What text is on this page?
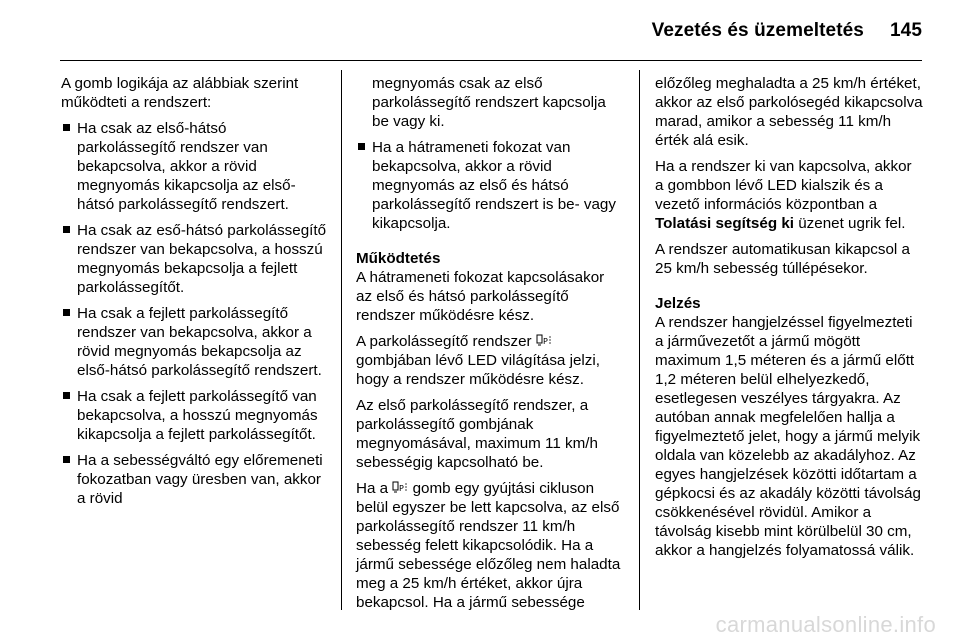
Vezetés és üzemeltetés 145

A gomb logikája az alábbiak szerint működteti a rendszert:

Ha csak az első-hátsó parkolássegítő rendszer van bekapcsolva, akkor a rövid megnyomás kikapcsolja az első-hátsó parkolássegítő rendszert.
Ha csak az eső-hátsó parkolássegítő rendszer van bekapcsolva, a hosszú megnyomás bekapcsolja a fejlett parkolássegítőt.
Ha csak a fejlett parkolássegítő rendszer van bekapcsolva, akkor a rövid megnyomás bekapcsolja az első-hátsó parkolássegítő rendszert.
Ha csak a fejlett parkolássegítő van bekapcsolva, a hosszú megnyomás kikapcsolja a fejlett parkolássegítőt.
Ha a sebességváltó egy előremeneti fokozatban vagy üresben van, akkor a rövid

megnyomás csak az első parkolássegítő rendszert kapcsolja be vagy ki.

Ha a hátrameneti fokozat van bekapcsolva, akkor a rövid megnyomás az első és hátsó parkolássegítő rendszert is be- vagy kikapcsolja.

Működtetés

A hátrameneti fokozat kapcsolásakor az első és hátsó parkolássegítő rendszer működésre kész.

A parkolássegítő rendszer P
gombjában lévő LED világítása jelzi, hogy a rendszer működésre kész.

Az első parkolássegítő rendszer, a parkolássegítő gombjának megnyomásával, maximum 11 km/h sebességig kapcsolható be.

Ha a P gomb egy gyújtási cikluson belül egyszer be lett kapcsolva, az első parkolássegítő rendszer 11 km/h sebesség felett kikapcsolódik. Ha a jármű sebessége előzőleg nem haladta meg a 25 km/h értéket, akkor újra bekapcsol. Ha a jármű sebessége

előzőleg meghaladta a 25 km/h értéket, akkor az első parkolósegéd kikapcsolva marad, amikor a sebesség 11 km/h érték alá esik.

Ha a rendszer ki van kapcsolva, akkor a gombbon lévő LED kialszik és a vezető információs központban a Tolatási segítség ki üzenet ugrik fel.

A rendszer automatikusan kikapcsol a 25 km/h sebesség túllépésekor.

Jelzés

A rendszer hangjelzéssel figyelmezteti a járművezetőt a jármű mögött maximum 1,5 méteren és a jármű előtt 1,2 méteren belül elhelyezkedő, esetlegesen veszélyes tárgyakra. Az autóban annak megfelelően hallja a figyelmeztető jelet, hogy a jármű melyik oldala van közelebb az akadályhoz. Az egyes hangjelzések közötti időtartam a gépkocsi és az akadály közötti távolság csökkenésével rövidül. Amikor a távolság kisebb mint körülbelül 30 cm, akkor a hangjelzés folyamatossá válik.

carmanualsonline.info
